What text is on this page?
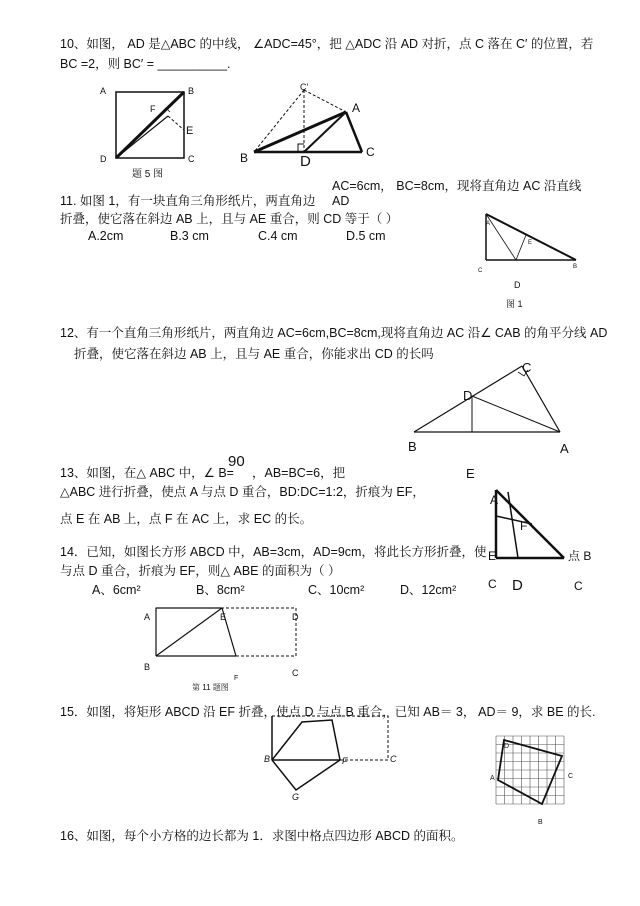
10、如图， AD 是△ABC 的中线， ∠ADC=45°，把 △ADC 沿 AD 对折，点 C 落在 C′ 的位置，若
BC =2，则 BC′ = __________.
A	B
D	C
F
E
题 5 图
C′
A
B	C
D
AC=6cm， BC=8cm，现将直角边 AC 沿直线
11. 如图 1，有一块直角三角形纸片，两直角边 AD
折叠，使它落在斜边 AB 上，且与 AE 重合，则 CD 等于（ ）
A.2cm	B.3 cm	C.4 cm	D.5 cm
A
E
C
B
D
图 1
12、有一个直角三角形纸片，两直角边 AC=6cm,BC=8cm,现将直角边 AC 沿∠ CAB 的角平分线 AD
折叠，使它落在斜边 AB 上，且与 AE 重合，你能求出 CD 的长吗
C
D
B	A
E
13、如图，在△ ABC 中，∠ B=
90
，AB=BC=6，把
△ABC 进行折叠，使点 A 与点 D 重合，BD:DC=1:2，折痕为 EF，
点 E 在 AB 上，点 F 在 AC 上，求 EC 的长。
A
F
E	点 B
C D	C
14．已知，如图长方形 ABCD 中，AB=3cm，AD=9cm，将此长方形折叠，使
与点 D 重合，折痕为 EF，则△ ABE 的面积为（ ）
A、6cm²	B、8cm²	C、10cm²	D、12cm²
A	E	D
B
C
F
第 11 题图
15．如图，将矩形 ABCD 沿 EF 折叠，使点 D 与点 B 重合，已知 AB＝ 3， AD＝ 9，求 BE 的长.
B	F	C
G
D
A	C
B
16、如图，每个小方格的边长都为 1．求图中格点四边形 ABCD 的面积。
